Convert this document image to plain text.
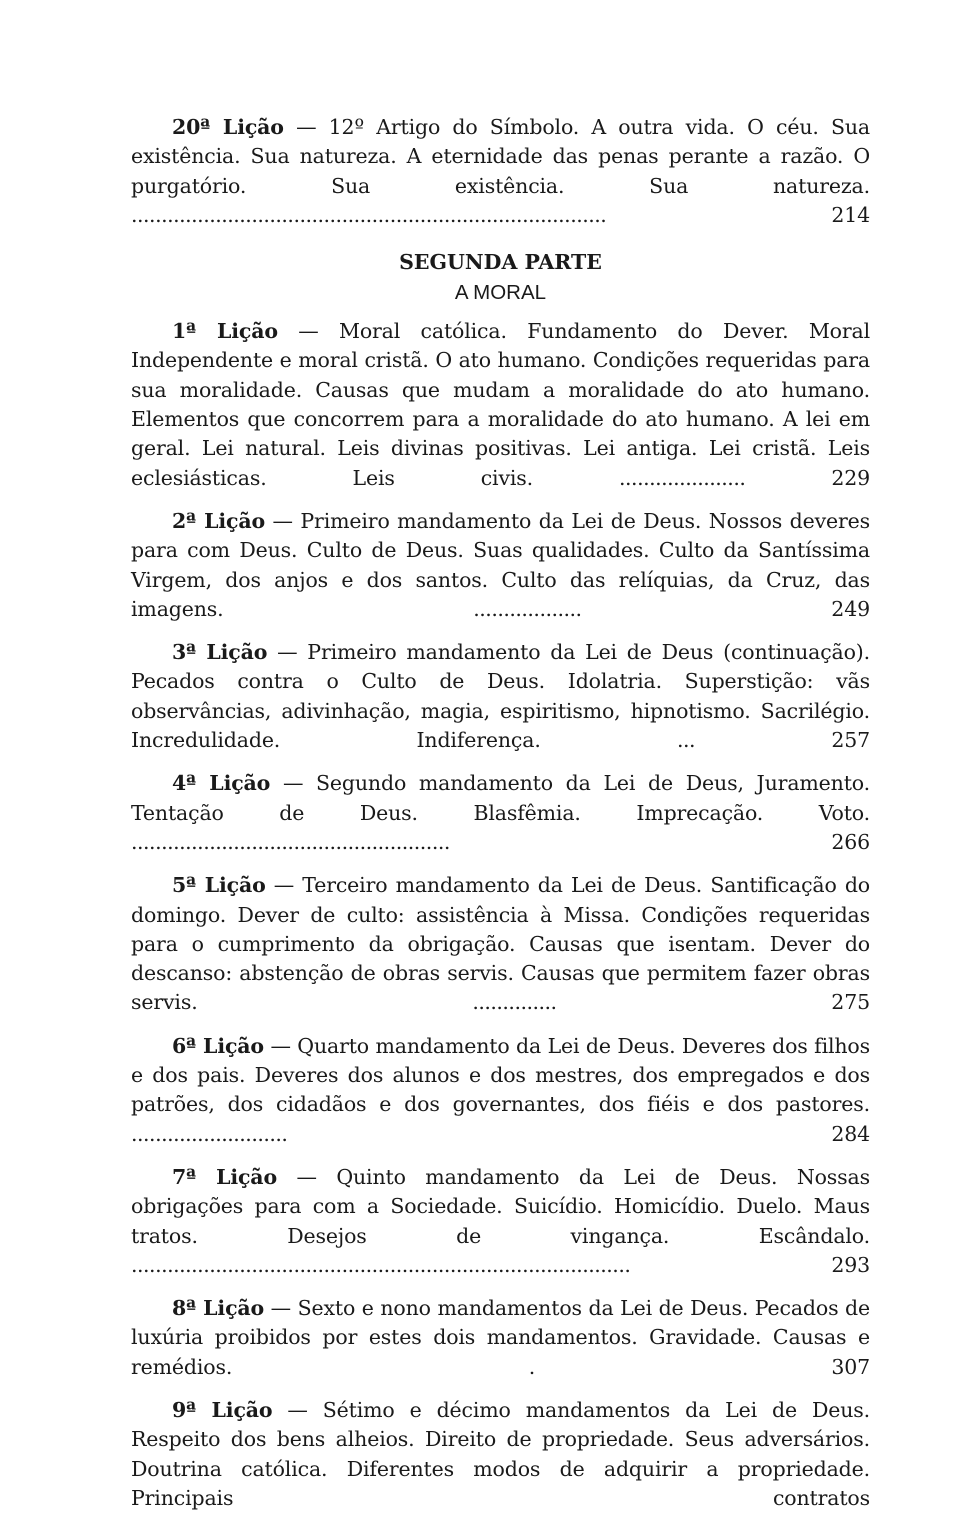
20ª Lição — 12º Artigo do Símbolo. A outra vida. O céu. Sua existência. Sua natureza. A eternidade das penas perante a razão. O purgatório. Sua existência. Sua natureza. ............................................................................... 214

SEGUNDA PARTE
A MORAL

1ª Lição — Moral católica. Fundamento do Dever. Moral Independente e moral cristã. O ato humano. Condições requeridas para sua moralidade. Causas que mudam a moralidade do ato humano. Elementos que concorrem para a moralidade do ato humano. A lei em geral. Lei natural. Leis divinas positivas. Lei antiga. Lei cristã. Leis eclesiásticas. Leis civis. ..................... 229

2ª Lição — Primeiro mandamento da Lei de Deus. Nossos deveres para com Deus. Culto de Deus. Suas qualidades. Culto da Santíssima Virgem, dos anjos e dos santos. Culto das relíquias, da Cruz, das imagens. .................. 249

3ª Lição — Primeiro mandamento da Lei de Deus (continuação). Pecados contra o Culto de Deus. Idolatria. Superstição: vãs observâncias, adivinhação, magia, espiritismo, hipnotismo. Sacrilégio. Incredulidade. Indiferença. ... 257

4ª Lição — Segundo mandamento da Lei de Deus, Juramento. Tentação de Deus. Blasfêmia. Imprecação. Voto. ..................................................... 266

5ª Lição — Terceiro mandamento da Lei de Deus. Santificação do domingo. Dever de culto: assistência à Missa. Condições requeridas para o cumprimento da obrigação. Causas que isentam. Dever do descanso: abstenção de obras servis. Causas que permitem fazer obras servis. .............. 275

6ª Lição — Quarto mandamento da Lei de Deus. Deveres dos filhos e dos pais. Deveres dos alunos e dos mestres, dos empregados e dos patrões, dos cidadãos e dos governantes, dos fiéis e dos pastores. .......................... 284

7ª Lição — Quinto mandamento da Lei de Deus. Nossas obrigações para com a Sociedade. Suicídio. Homicídio. Duelo. Maus tratos. Desejos de vingança. Escândalo. ................................................................................... 293

8ª Lição — Sexto e nono mandamentos da Lei de Deus. Pecados de luxúria proibidos por estes dois mandamentos. Gravidade. Causas e remédios. . 307

9ª Lição — Sétimo e décimo mandamentos da Lei de Deus. Respeito dos bens alheios. Direito de propriedade. Seus adversários. Doutrina católica. Diferentes modos de adquirir a propriedade. Principais contratos
